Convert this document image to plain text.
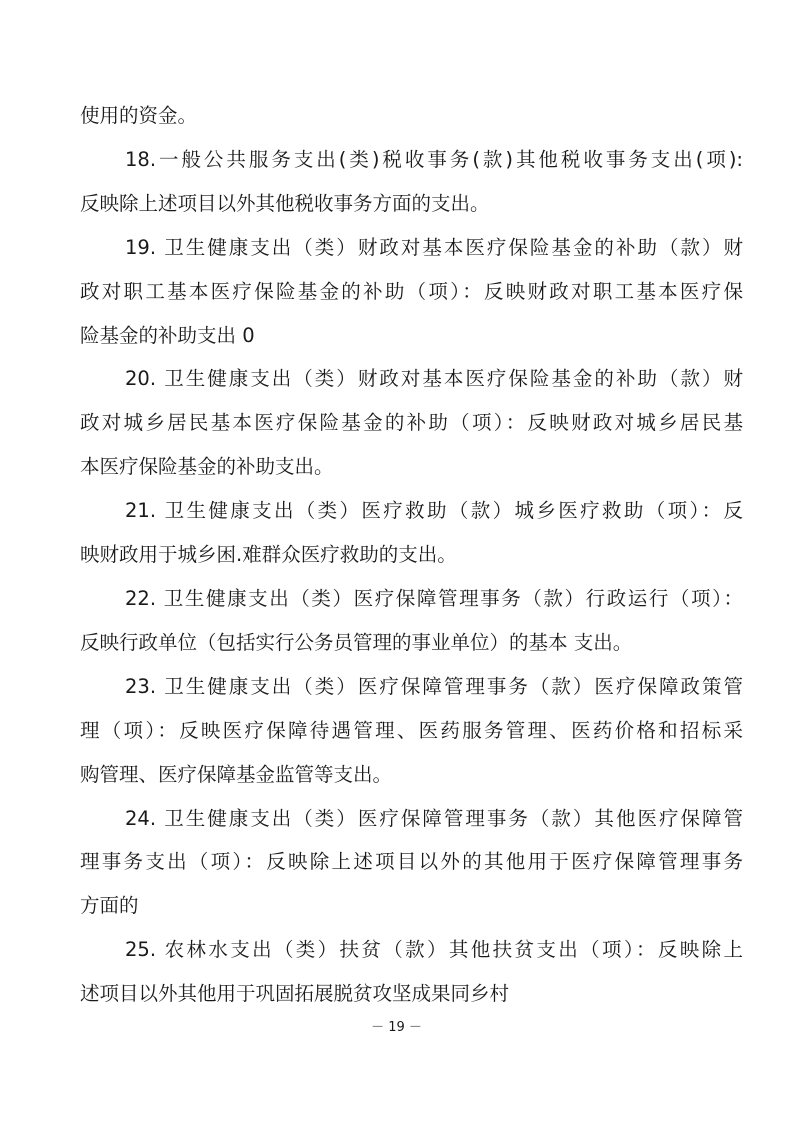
使用的资金。
18.一般公共服务支出(类)税收事务(款)其他税收事务支出(项):
反映除上述项目以外其他税收事务方面的支出。
19. 卫生健康支出（类）财政对基本医疗保险基金的补助（款）财
政对职工基本医疗保险基金的补助（项）：反映财政对职工基本医疗保
险基金的补助支出 0
20. 卫生健康支出（类）财政对基本医疗保险基金的补助（款）财
政对城乡居民基本医疗保险基金的补助（项）：反映财政对城乡居民基
本医疗保险基金的补助支出。
21. 卫生健康支出（类）医疗救助（款）城乡医疗救助（项）：反
映财政用于城乡困.难群众医疗救助的支出。
22. 卫生健康支出（类）医疗保障管理事务（款）行政运行（项）：
反映行政单位（包括实行公务员管理的事业单位）的基本 支出。
23. 卫生健康支出（类）医疗保障管理事务（款）医疗保障政策管
理（项）：反映医疗保障待遇管理、医药服务管理、医药价格和招标采
购管理、医疗保障基金监管等支出。
24. 卫生健康支出（类）医疗保障管理事务（款）其他医疗保障管
理事务支出（项）：反映除上述项目以外的其他用于医疗保障管理事务
方面的
25. 农林水支出（类）扶贫（款）其他扶贫支出（项）：反映除上
述项目以外其他用于巩固拓展脱贫攻坚成果同乡村
－ 19 －
